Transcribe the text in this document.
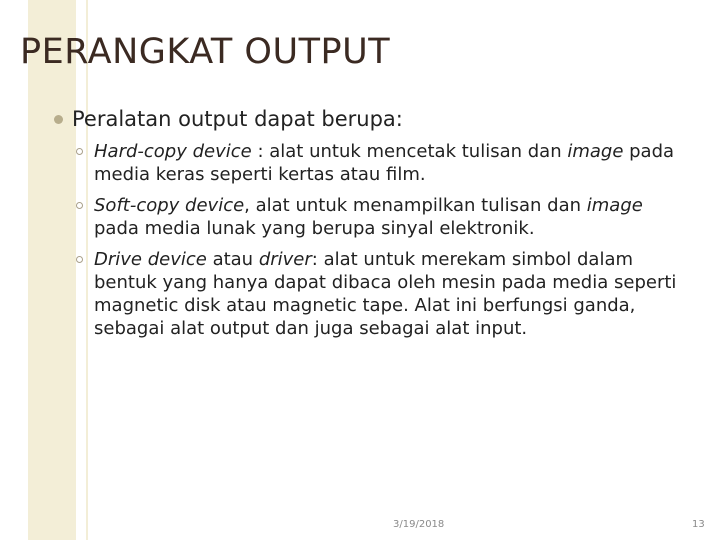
PERANGKAT OUTPUT
Peralatan output dapat berupa:
Hard-copy device : alat untuk mencetak tulisan dan image pada media keras seperti kertas atau film.
Soft-copy device, alat untuk menampilkan tulisan dan image pada media lunak yang berupa sinyal elektronik.
Drive device atau driver: alat untuk merekam simbol dalam bentuk yang hanya dapat dibaca oleh mesin pada media seperti magnetic disk atau magnetic tape. Alat ini berfungsi ganda, sebagai alat output dan juga sebagai alat input.
3/19/2018	13
